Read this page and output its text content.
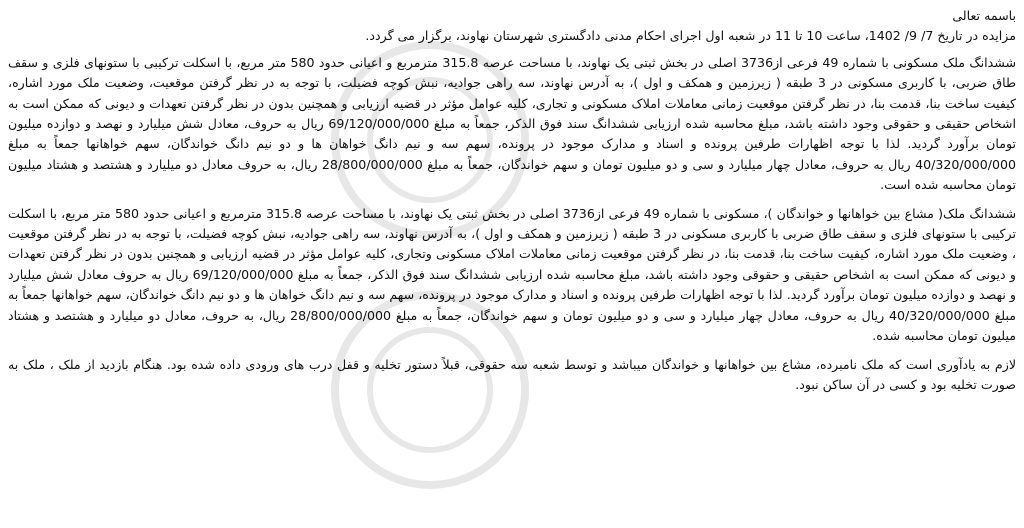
باسمه تعالی

مزایده در تاریخ 7/ 9/ 1402، ساعت 10 تا 11 در شعبه اول اجرای احکام مدنی دادگستری شهرستان نهاوند، برگزار می گردد.

ششدانگ ملک مسکونی با شماره 49 فرعی از3736 اصلی در بخش ثبتی یک نهاوند، با مساحت عرصه 315.8 مترمربع و اعیانی حدود 580 متر مربع، با اسکلت ترکیبی با ستونهای فلزی و سقف طاق ضربی، با کاربری مسکونی در 3 طبقه ( زیرزمین و همکف و اول )، به آدرس نهاوند، سه راهی جوادیه، نبش کوچه فضیلت، با توجه به در نظر گرفتن موقعیت، وضعیت ملک مورد اشاره، کیفیت ساخت بنا، قدمت بنا، در نظر گرفتن موقعیت زمانی معاملات املاک مسکونی و تجاری، کلیه عوامل مؤثر در قضیه ارزیابی و همچنین بدون در نظر گرفتن تعهدات و دیونی که ممکن است به اشخاص حقیقی و حقوقی وجود داشته باشد، مبلغ محاسبه شده ارزیابی ششدانگ سند فوق الذکر، جمعاً به مبلغ 69/120/000/000 ریال به حروف، معادل شش میلیارد و نهصد و دوازده میلیون تومان برآورد گردید. لذا با توجه اظهارات طرفین پرونده و اسناد و مدارک موجود در پرونده، سهم سه و نیم دانگ خواهان ها و دو نیم دانگ خواندگان، سهم خواهانها جمعاً به مبلغ 40/320/000/000 ریال به حروف، معادل چهار میلیارد و سی و دو میلیون تومان و سهم خواندگان، جمعاً به مبلغ 28/800/000/000 ریال، به حروف معادل دو میلیارد و هشتصد و هشتاد میلیون تومان محاسبه شده است.

ششدانگ ملک( مشاع بین خواهانها و خواندگان )، مسکونی با شماره 49 فرعی از3736 اصلی در بخش ثبتی یک نهاوند، با مساحت عرصه 315.8 مترمربع و اعیانی حدود 580 متر مربع، با اسکلت ترکیبی با ستونهای فلزی و سقف طاق ضربی با کاربری مسکونی در 3 طبقه ( زیرزمین و همکف و اول )، به آدرس نهاوند، سه راهی جوادیه، نبش کوچه فضیلت، با توجه به در نظر گرفتن موقعیت ، وضعیت ملک مورد اشاره، کیفیت ساخت بنا، قدمت بنا، در نظر گرفتن موقعیت زمانی معاملات املاک مسکونی وتجاری، کلیه عوامل مؤثر در قضیه ارزیابی و همچنین بدون در نظر گرفتن تعهدات و دیونی که ممکن است به اشخاص حقیقی و حقوقی وجود داشته باشد، مبلغ محاسبه شده ارزیابی ششدانگ سند فوق الذکر، جمعاً به مبلغ 69/120/000/000 ریال به حروف معادل شش میلیارد و نهصد و دوازده میلیون تومان برآورد گردید. لذا با توجه اظهارات طرفین پرونده و اسناد و مدارک موجود در پرونده، سهم سه و نیم دانگ خواهان ها و دو نیم دانگ خواندگان، سهم خواهانها جمعاً به مبلغ 40/320/000/000 ریال به حروف، معادل چهار میلیارد و سی و دو میلیون تومان و سهم خواندگان، جمعاً به مبلغ 28/800/000/000 ریال، به حروف، معادل دو میلیارد و هشتصد و هشتاد میلیون تومان محاسبه شده.

لازم به یادآوری است که ملک نامبرده، مشاع بین خواهانها و خواندگان میباشد و توسط شعبه سه حقوقی، قبلاً دستور تخلیه و قفل درب های ورودی داده شده بود. هنگام بازدید از ملک ، ملک به صورت تخلیه بود و کسی در آن ساکن نبود.
